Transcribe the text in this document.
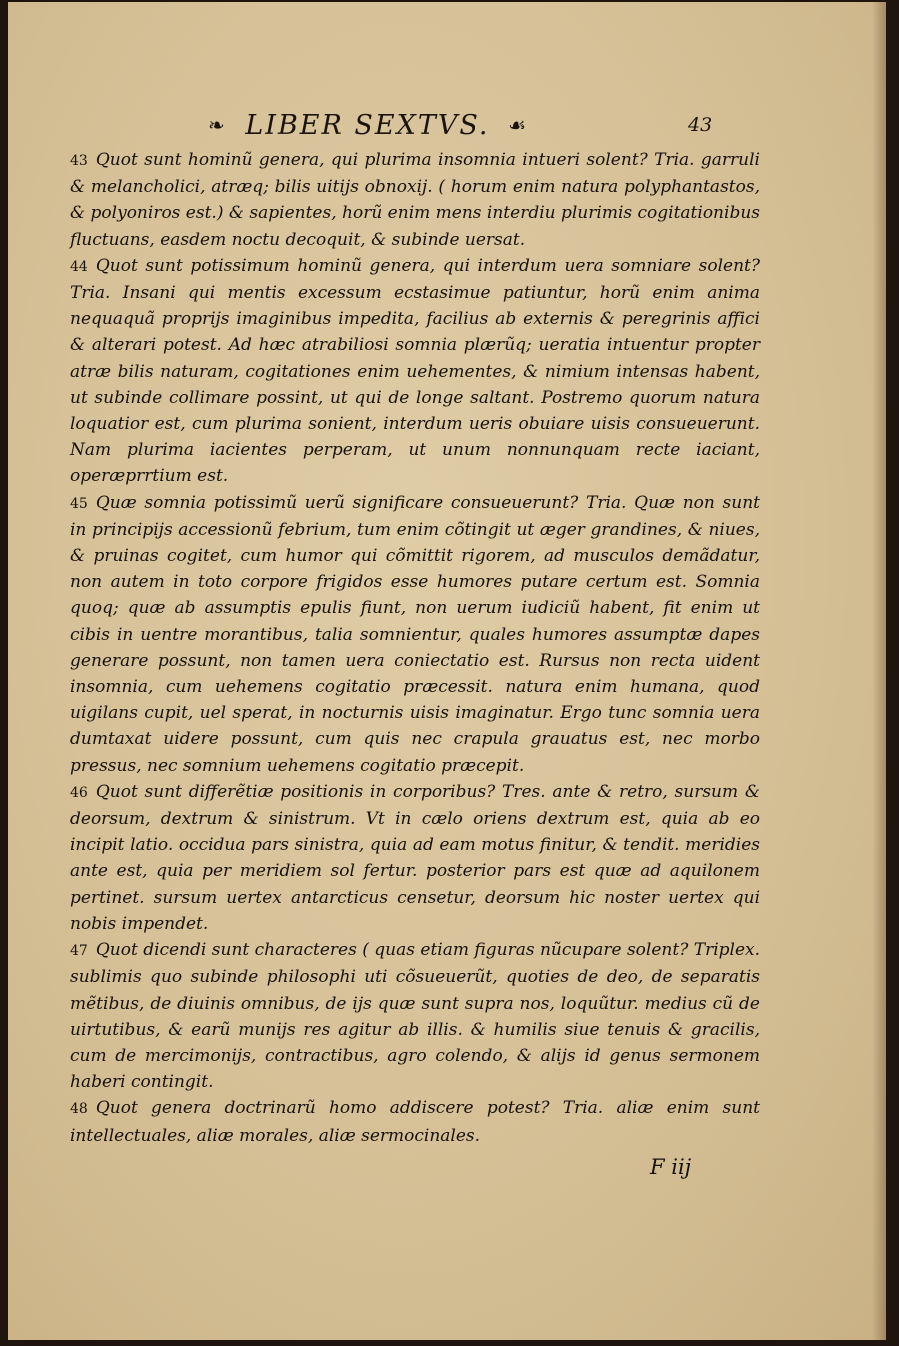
❧ LIBER SEXTVS. ☙	43

43 Quot sunt hominũ genera, qui plurima insomnia intueri solent? Tria. garruli & melancholici, atræq; bilis uitijs obnoxij. ( horum enim natura polyphantastos, & polyoniros est.) & sapientes, horũ enim mens interdiu plurimis cogitationibus fluctuans, easdem noctu decoquit, & subinde uersat.

44 Quot sunt potissimum hominũ genera, qui interdum uera somniare solent? Tria. Insani qui mentis excessum ecstasimue patiuntur, horũ enim anima nequaquã proprijs imaginibus impedita, facilius ab externis & peregrinis affici & alterari potest. Ad hæc atrabiliosi somnia plærũq; ueratia intuentur propter atræ bilis naturam, cogitationes enim uehementes, & nimium intensas habent, ut subinde collimare possint, ut qui de longe saltant. Postremo quorum natura loquatior est, cum plurima sonient, interdum ueris obuiare uisis consueuerunt. Nam plurima iacientes perperam, ut unum nonnunquam recte iaciant, operæprrtium est.

45 Quæ somnia potissimũ uerũ significare consueuerunt? Tria. Quæ non sunt in principijs accessionũ febrium, tum enim cõtingit ut æger grandines, & niues, & pruinas cogitet, cum humor qui cõmittit rigorem, ad musculos demãdatur, non autem in toto corpore frigidos esse humores putare certum est. Somnia quoq; quæ ab assumptis epulis fiunt, non uerum iudiciũ habent, fit enim ut cibis in uentre morantibus, talia somnientur, quales humores assumptæ dapes generare possunt, non tamen uera coniectatio est. Rursus non recta uident insomnia, cum uehemens cogitatio præcessit. natura enim humana, quod uigilans cupit, uel sperat, in nocturnis uisis imaginatur. Ergo tunc somnia uera dumtaxat uidere possunt, cum quis nec crapula grauatus est, nec morbo pressus, nec somnium uehemens cogitatio præcepit.

46 Quot sunt differẽtiæ positionis in corporibus? Tres. ante & retro, sursum & deorsum, dextrum & sinistrum. Vt in cælo oriens dextrum est, quia ab eo incipit latio. occidua pars sinistra, quia ad eam motus finitur, & tendit. meridies ante est, quia per meridiem sol fertur. posterior pars est quæ ad aquilonem pertinet. sursum uertex antarcticus censetur, deorsum hic noster uertex qui nobis impendet.

47 Quot dicendi sunt characteres ( quas etiam figuras nũcupare solent? Triplex. sublimis quo subinde philosophi uti cõsueuerũt, quoties de deo, de separatis mẽtibus, de diuinis omnibus, de ijs quæ sunt supra nos, loquũtur. medius cũ de uirtutibus, & earũ munijs res agitur ab illis. & humilis siue tenuis & gracilis, cum de mercimonijs, contractibus, agro colendo, & alijs id genus sermonem haberi contingit.

48 Quot genera doctrinarũ homo addiscere potest? Tria. aliæ enim sunt intellectuales, aliæ morales, aliæ sermocinales.

F iij
